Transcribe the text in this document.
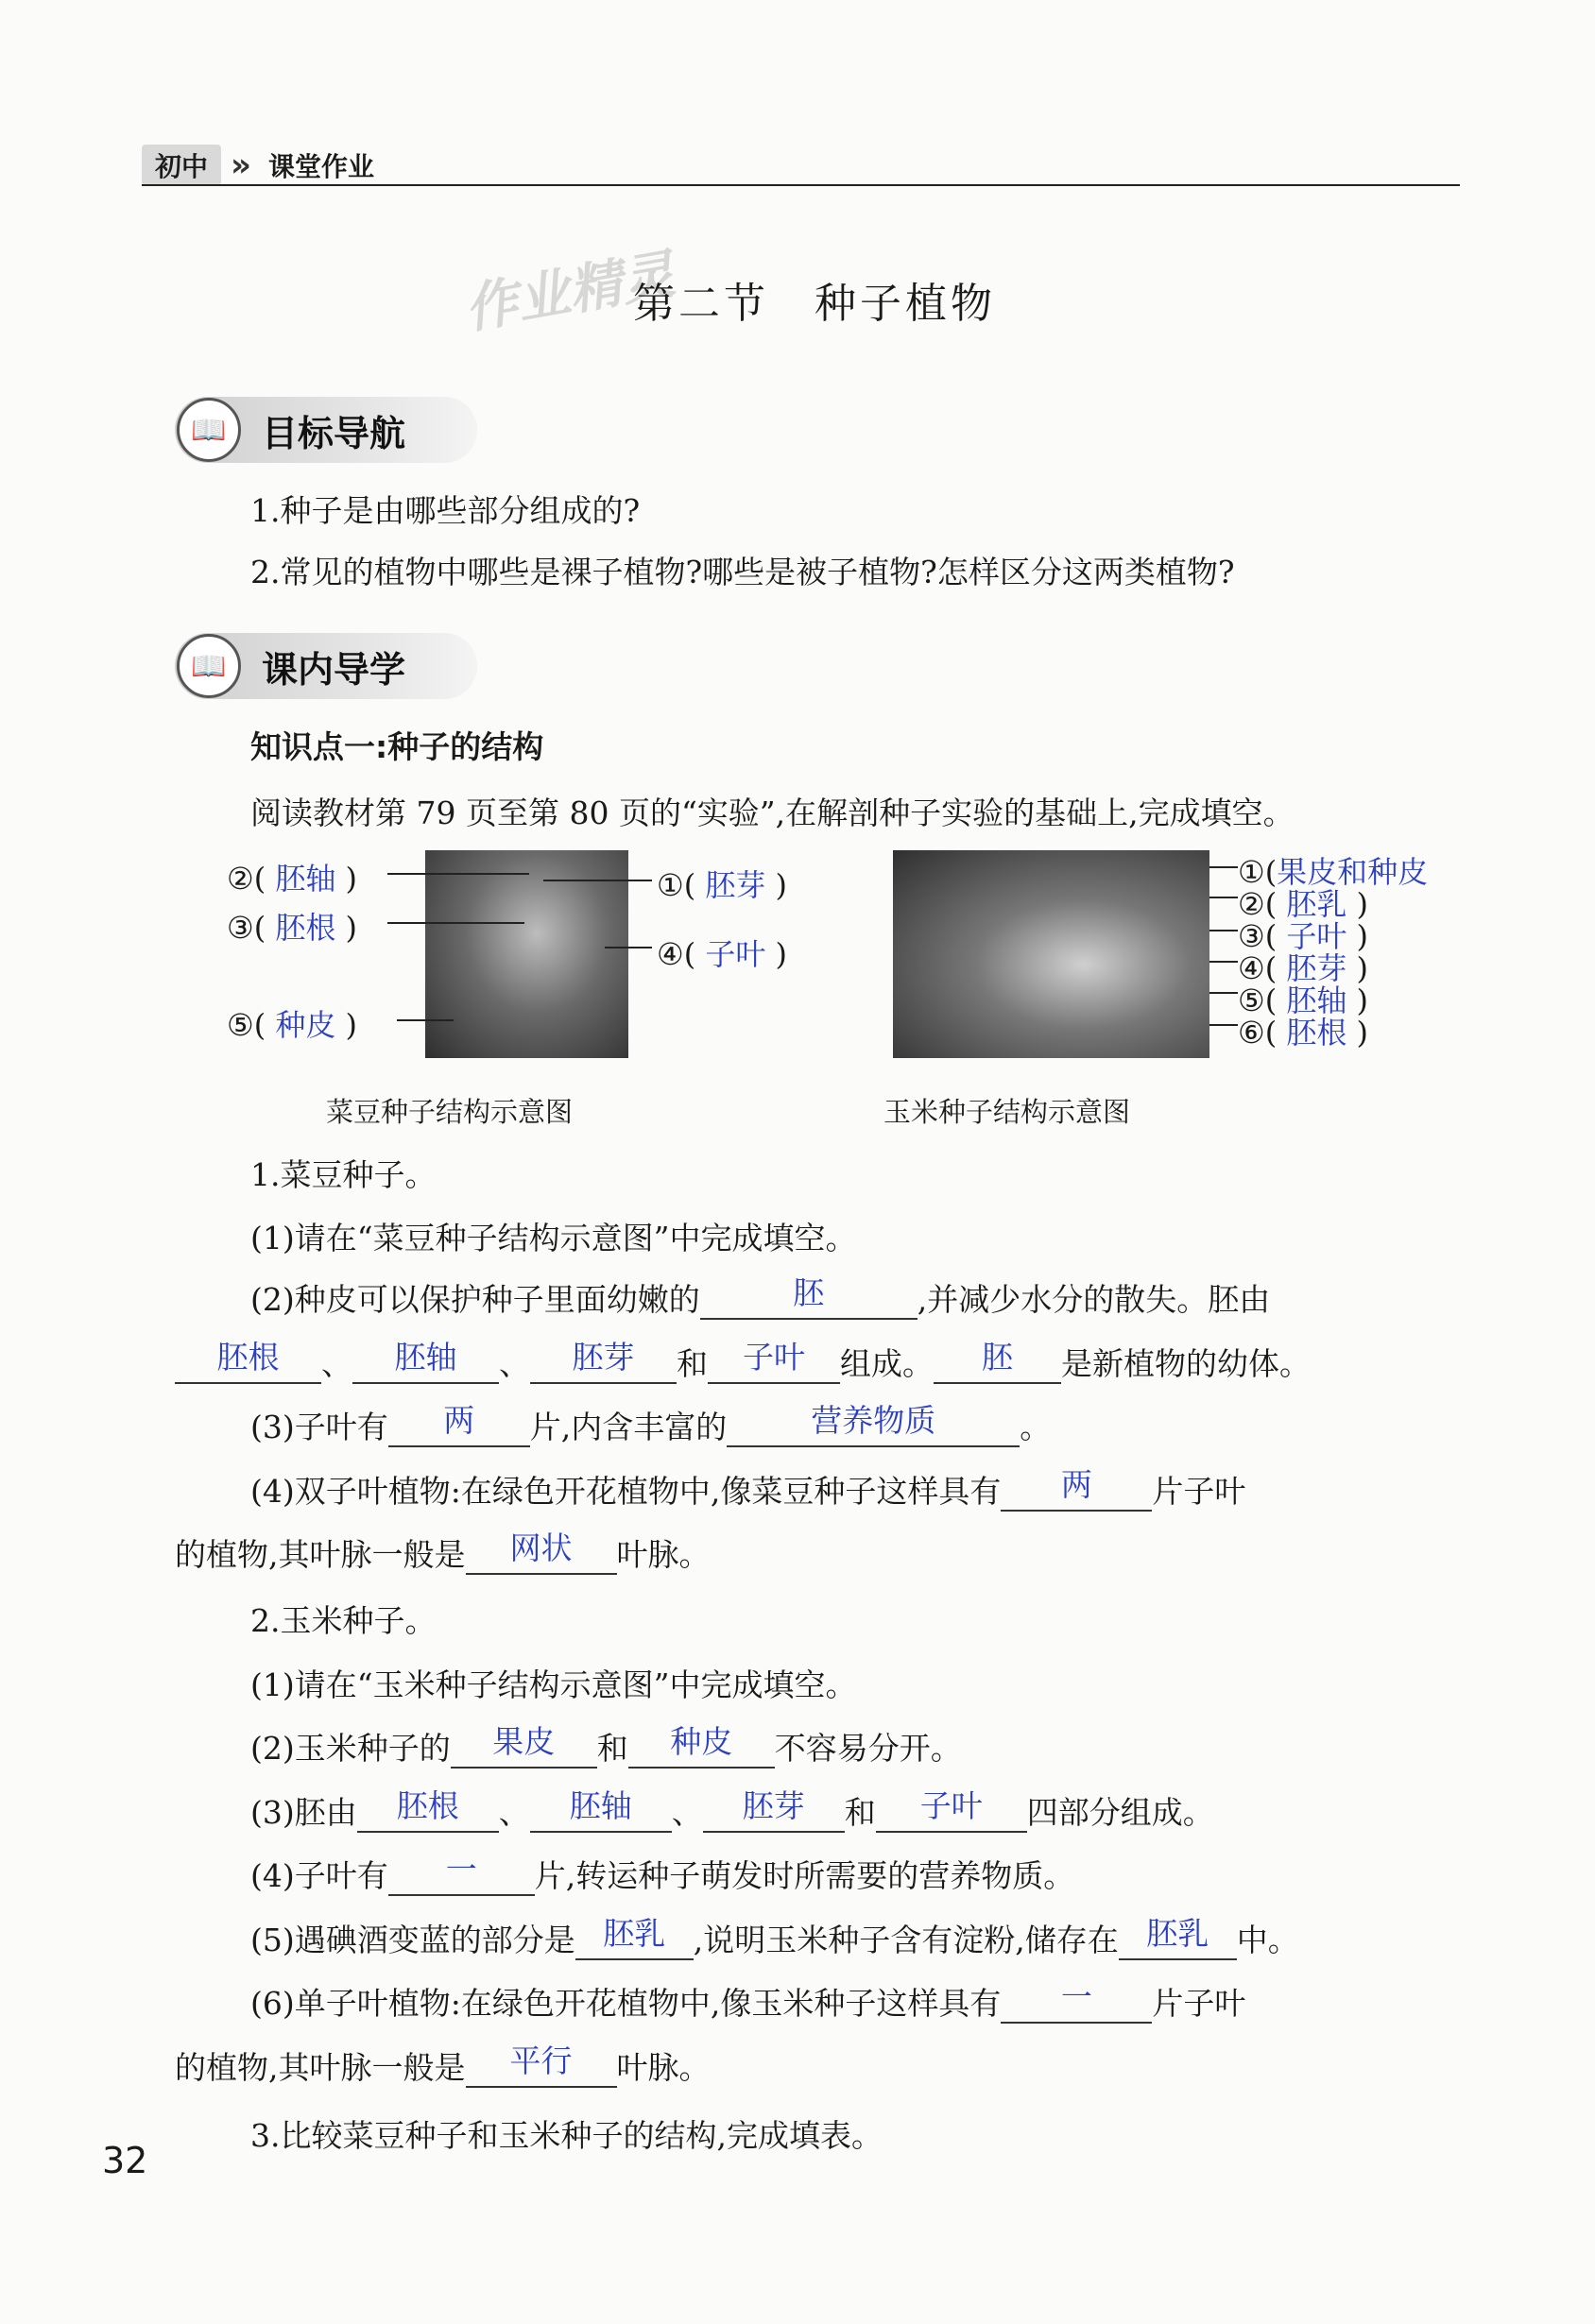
初中 » 课堂作业
作业精灵
第二节　种子植物
📖 目标导航
1.种子是由哪些部分组成的?
2.常见的植物中哪些是裸子植物?哪些是被子植物?怎样区分这两类植物?
📖 课内导学
知识点一:种子的结构
阅读教材第 79 页至第 80 页的“实验”,在解剖种子实验的基础上,完成填空。
②( 胚轴 )
③( 胚根 )
⑤( 种皮 )
①( 胚芽 )
④( 子叶 )
菜豆种子结构示意图
①(果皮和种皮
②( 胚乳 )
③( 子叶 )
④( 胚芽 )
⑤( 胚轴 )
⑥( 胚根 )
玉米种子结构示意图
1.菜豆种子。
(1)请在“菜豆种子结构示意图”中完成填空。
(2)种皮可以保护种子里面幼嫩的	胚	,并减少水分的散失。胚由
胚根	、	胚轴	、	胚芽	和	子叶	组成。	胚	是新植物的幼体。
(3)子叶有	两	片,内含丰富的	营养物质	。
(4)双子叶植物:在绿色开花植物中,像菜豆种子这样具有	两	片子叶
的植物,其叶脉一般是	网状	叶脉。
2.玉米种子。
(1)请在“玉米种子结构示意图”中完成填空。
(2)玉米种子的	果皮	和	种皮	不容易分开。
(3)胚由	胚根	、	胚轴	、	胚芽	和	子叶	四部分组成。
(4)子叶有	一	片,转运种子萌发时所需要的营养物质。
(5)遇碘酒变蓝的部分是 胚乳 ,说明玉米种子含有淀粉,储存在 胚乳 中。
(6)单子叶植物:在绿色开花植物中,像玉米种子这样具有	一	片子叶
的植物,其叶脉一般是	平行	叶脉。
3.比较菜豆种子和玉米种子的结构,完成填表。
32
